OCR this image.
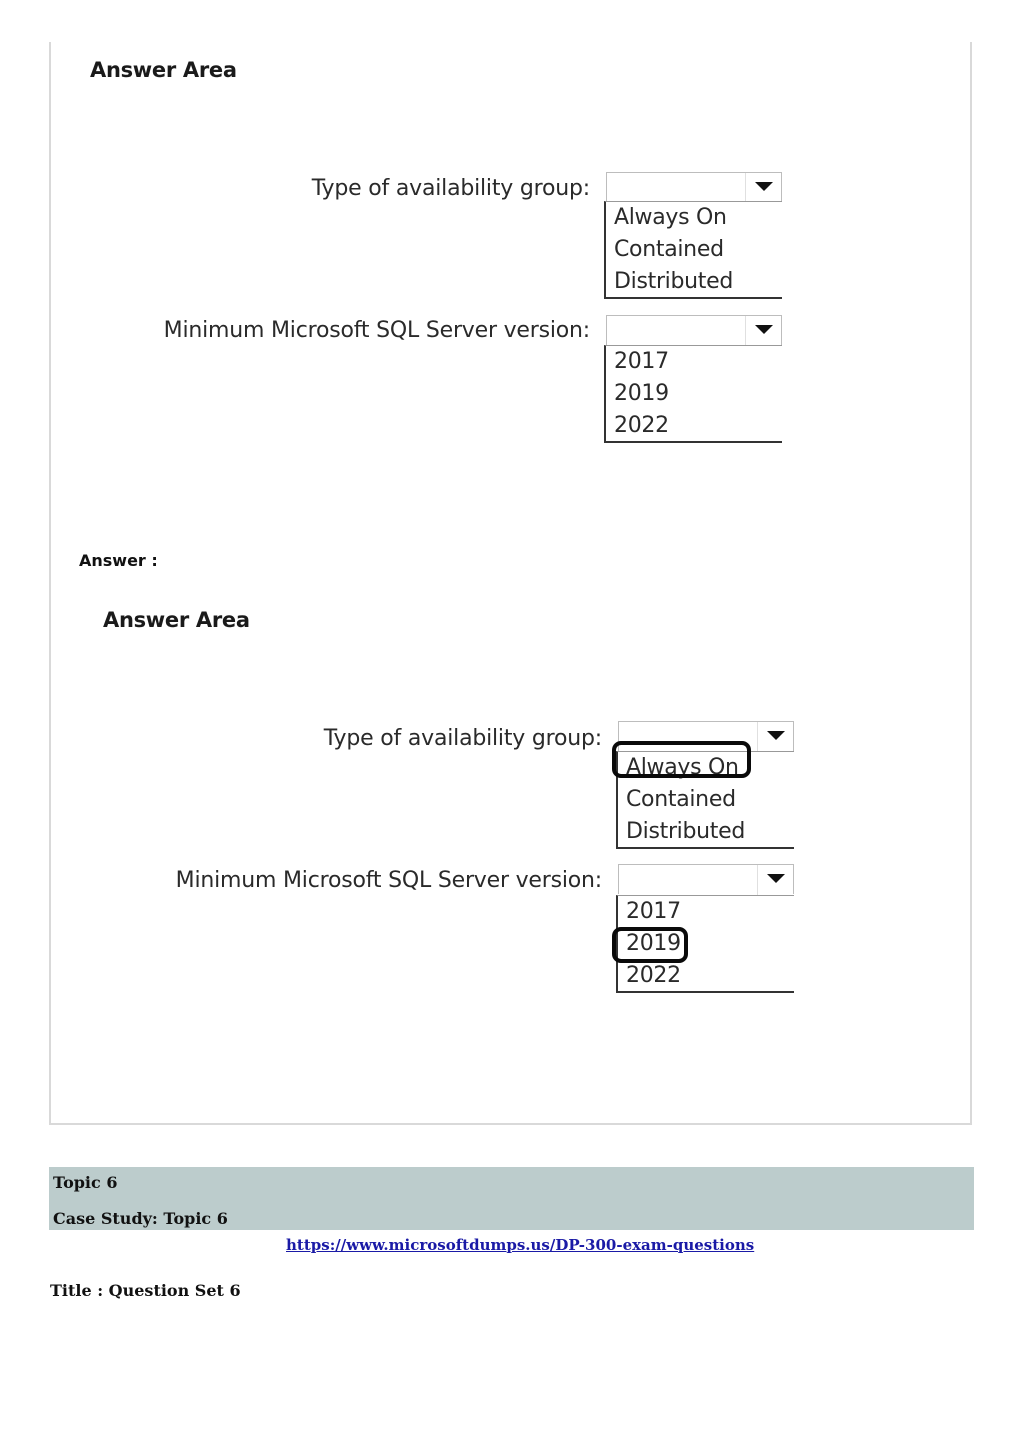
Answer Area
Type of availability group:
Always On
Contained
Distributed
Minimum Microsoft SQL Server version:
2017
2019
2022
Answer :
Answer Area
Type of availability group:
Always On
Contained
Distributed
Minimum Microsoft SQL Server version:
2017
2019
2022
Topic 6
Case Study: Topic 6
https://www.microsoftdumps.us/DP-300-exam-questions
Title : Question Set 6
